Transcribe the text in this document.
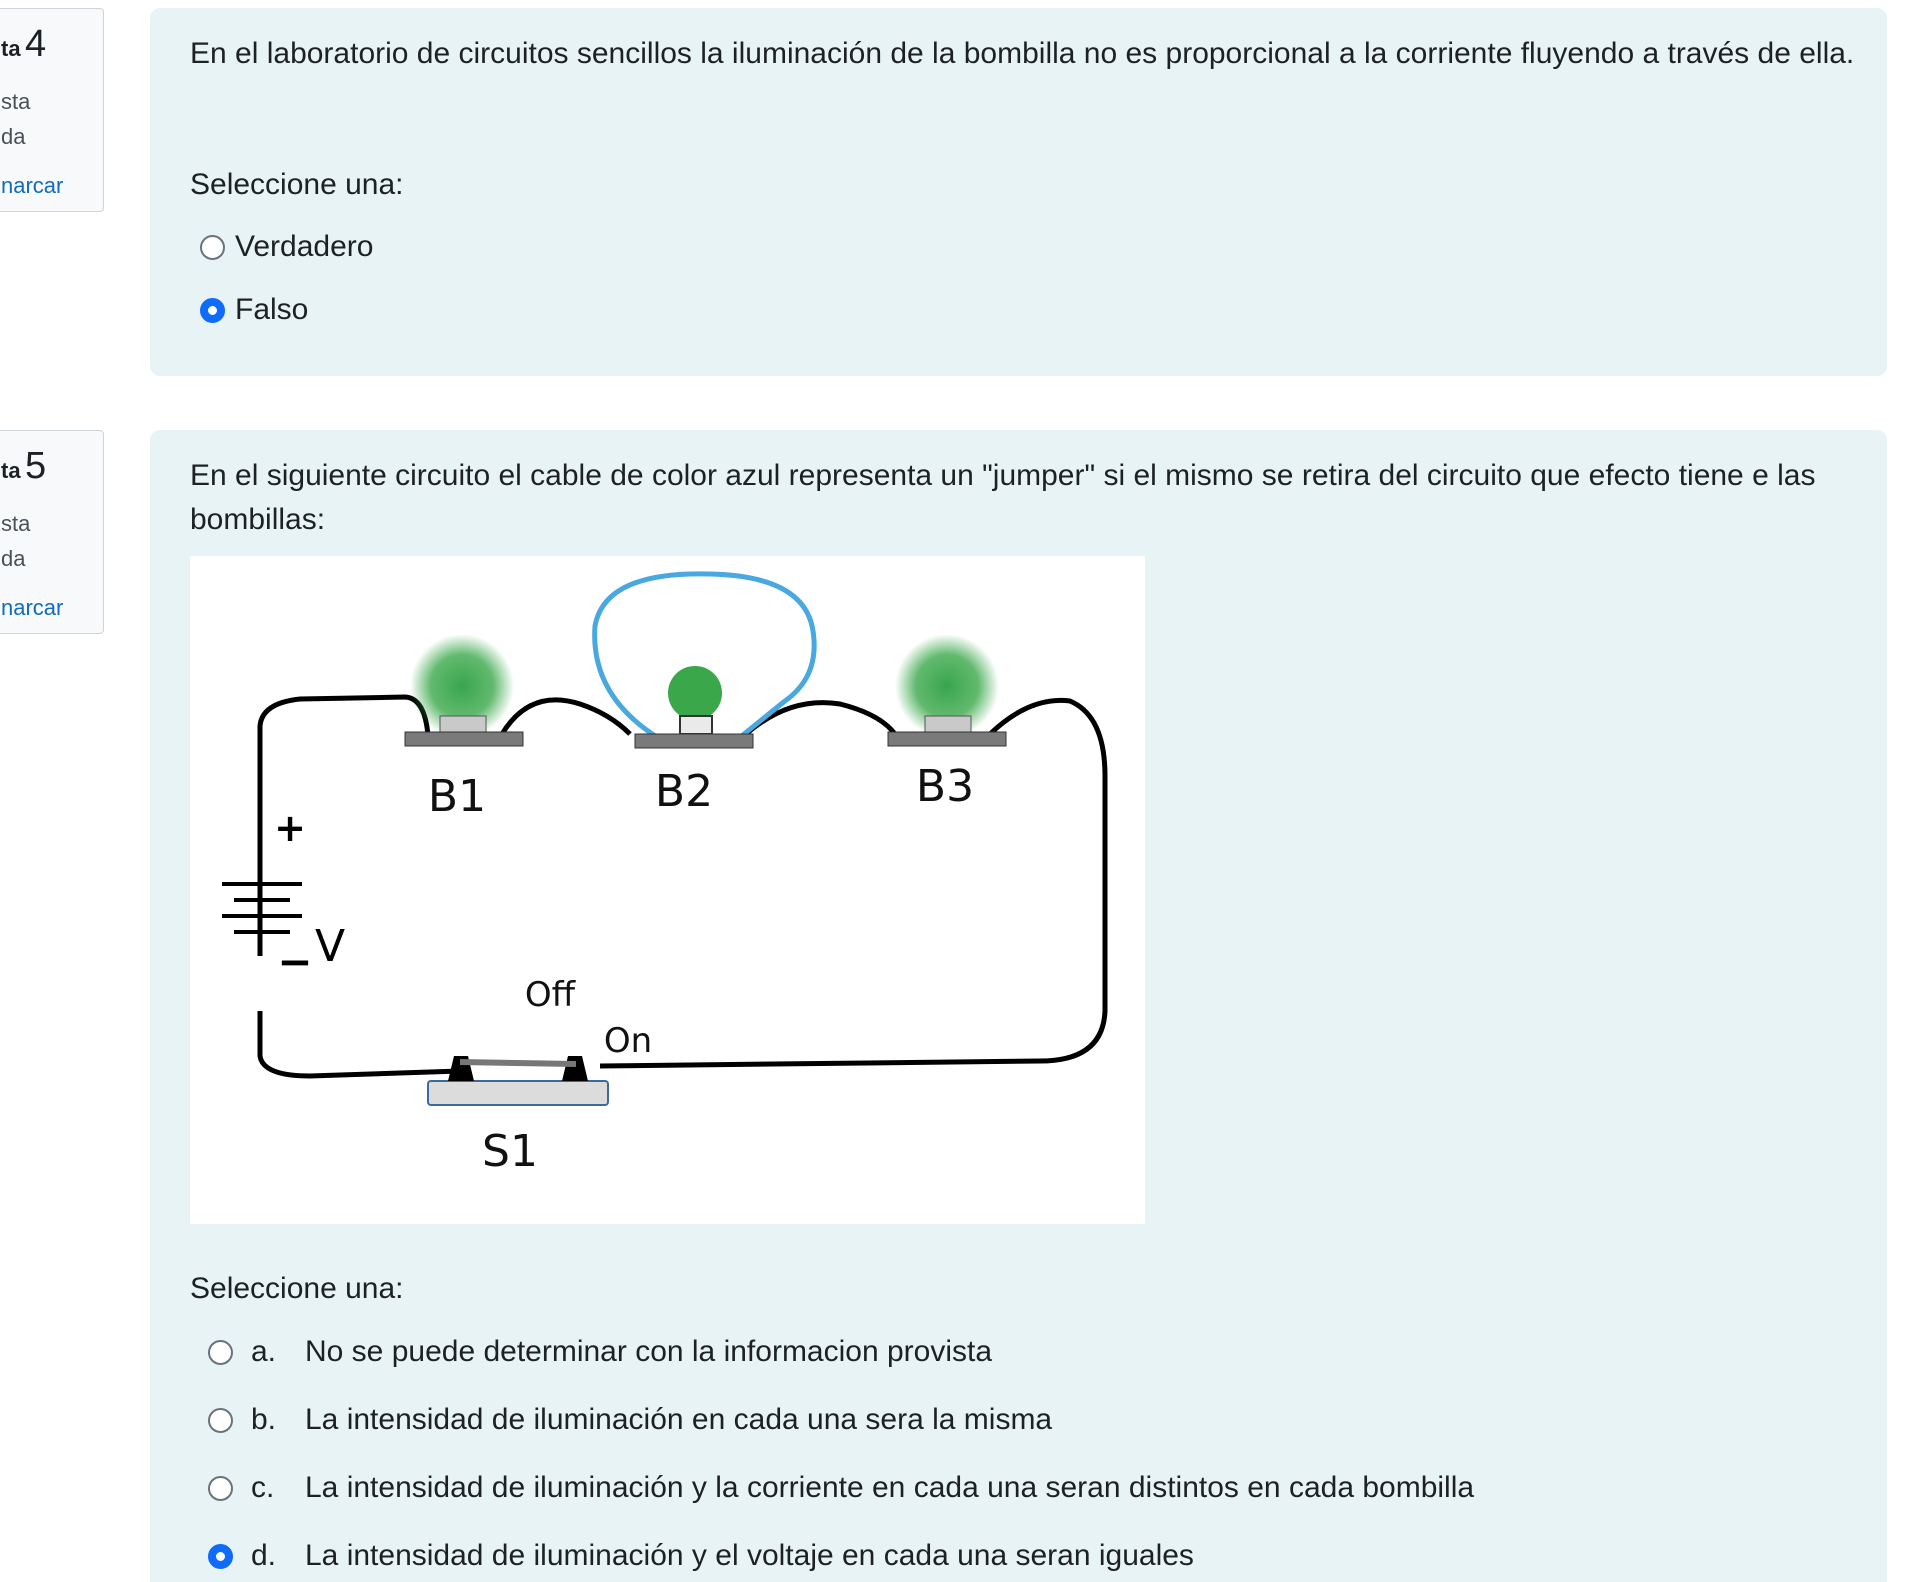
ta 4
sta
da
narcar
En el laboratorio de circuitos sencillos la iluminación de la bombilla no es proporcional a la corriente fluyendo a través de ella.
Seleccione una:
Verdadero
Falso
ta 5
sta
da
narcar
En el siguiente circuito el cable de color azul representa un "jumper" si el mismo se retira del circuito que efecto tiene e las bombillas:
+
− V
B1	B2	B3
Off
On
S1
Seleccione una:
a. No se puede determinar con la informacion provista
b. La intensidad de iluminación en cada una sera la misma
c.	La intensidad de iluminación y la corriente en cada una seran distintos en cada bombilla
d. La intensidad de iluminación y el voltaje en cada una seran iguales
